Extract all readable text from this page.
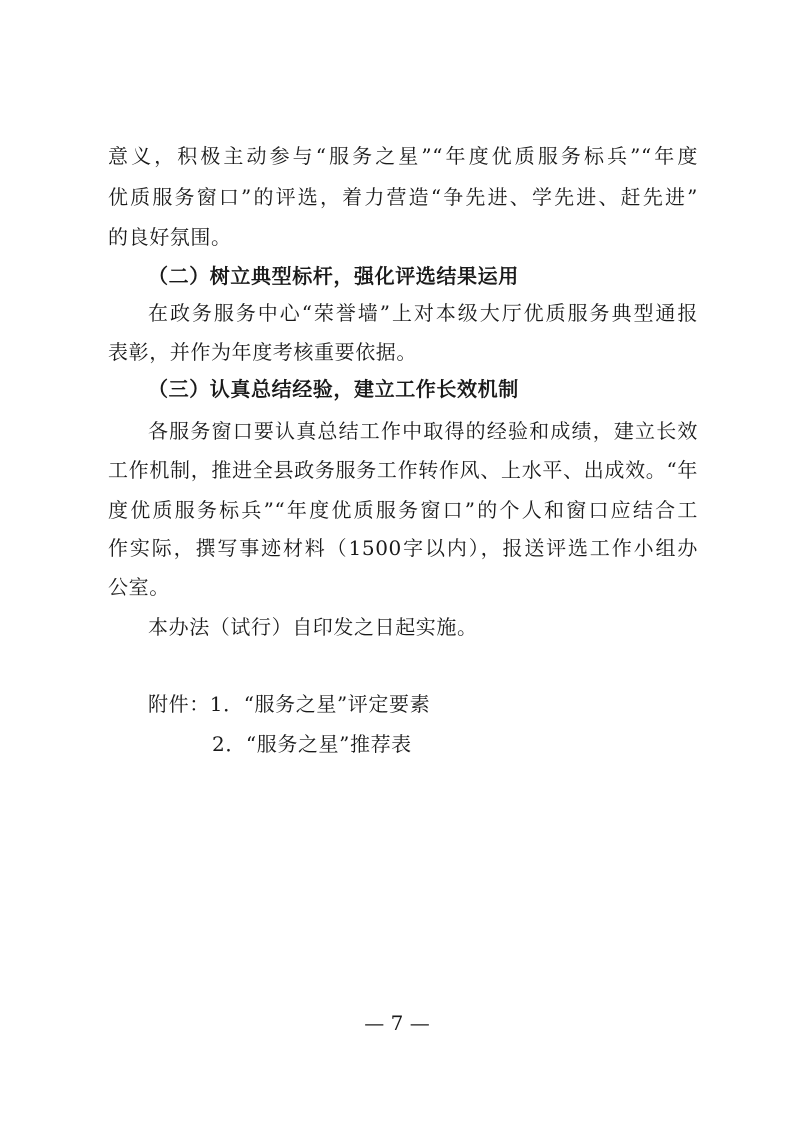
意义，积极主动参与“服务之星”“年度优质服务标兵”“年度
优质服务窗口”的评选，着力营造“争先进、学先进、赶先进”
的良好氛围。
（二）树立典型标杆，强化评选结果运用
在政务服务中心“荣誉墙”上对本级大厅优质服务典型通报
表彰，并作为年度考核重要依据。
（三）认真总结经验，建立工作长效机制
各服务窗口要认真总结工作中取得的经验和成绩，建立长效
工作机制，推进全县政务服务工作转作风、上水平、出成效。“年
度优质服务标兵”“年度优质服务窗口”的个人和窗口应结合工
作实际，撰写事迹材料（1500字以内），报送评选工作小组办
公室。
本办法（试行）自印发之日起实施。
附件：1．“服务之星”评定要素
2．“服务之星”推荐表
— 7 —
